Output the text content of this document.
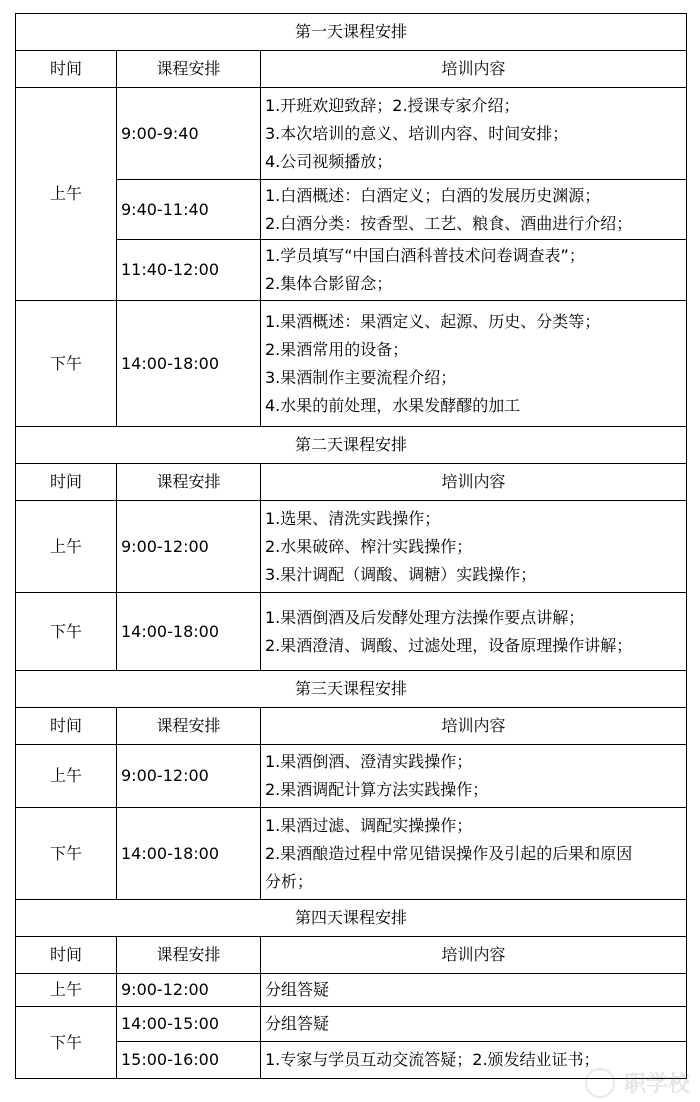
第一天课程安排		
时间	课程安排	培训内容
上午	9:00-9:40	1.开班欢迎致辞；2.授课专家介绍；
3.本次培训的意义、培训内容、时间安排；
4.公司视频播放；

	9:40-11:40	1.白酒概述：白酒定义；白酒的发展历史渊源；
2.白酒分类：按香型、工艺、粮食、酒曲进行介绍；

	11:40-12:00	1.学员填写“中国白酒科普技术问卷调查表”；
2.集体合影留念；

下午	14:00-18:00	1.果酒概述：果酒定义、起源、历史、分类等；
2.果酒常用的设备；
3.果酒制作主要流程介绍；
4.水果的前处理，水果发酵醪的加工

第二天课程安排		
时间	课程安排	培训内容
上午	9:00-12:00	1.选果、清洗实践操作；
2.水果破碎、榨汁实践操作；
3.果汁调配（调酸、调糖）实践操作；

下午	14:00-18:00	1.果酒倒酒及后发酵处理方法操作要点讲解；
2.果酒澄清、调酸、过滤处理，设备原理操作讲解；

第三天课程安排		
时间	课程安排	培训内容
上午	9:00-12:00	1.果酒倒酒、澄清实践操作；
2.果酒调配计算方法实践操作；

下午	14:00-18:00	1.果酒过滤、调配实操操作；
2.果酒酿造过程中常见错误操作及引起的后果和原因
分析；

第四天课程安排		
时间	课程安排	培训内容
上午	9:00-12:00	分组答疑

下午	14:00-15:00	分组答疑

	15:00-16:00	1.专家与学员互动交流答疑；2.颁发结业证书；
职学校
